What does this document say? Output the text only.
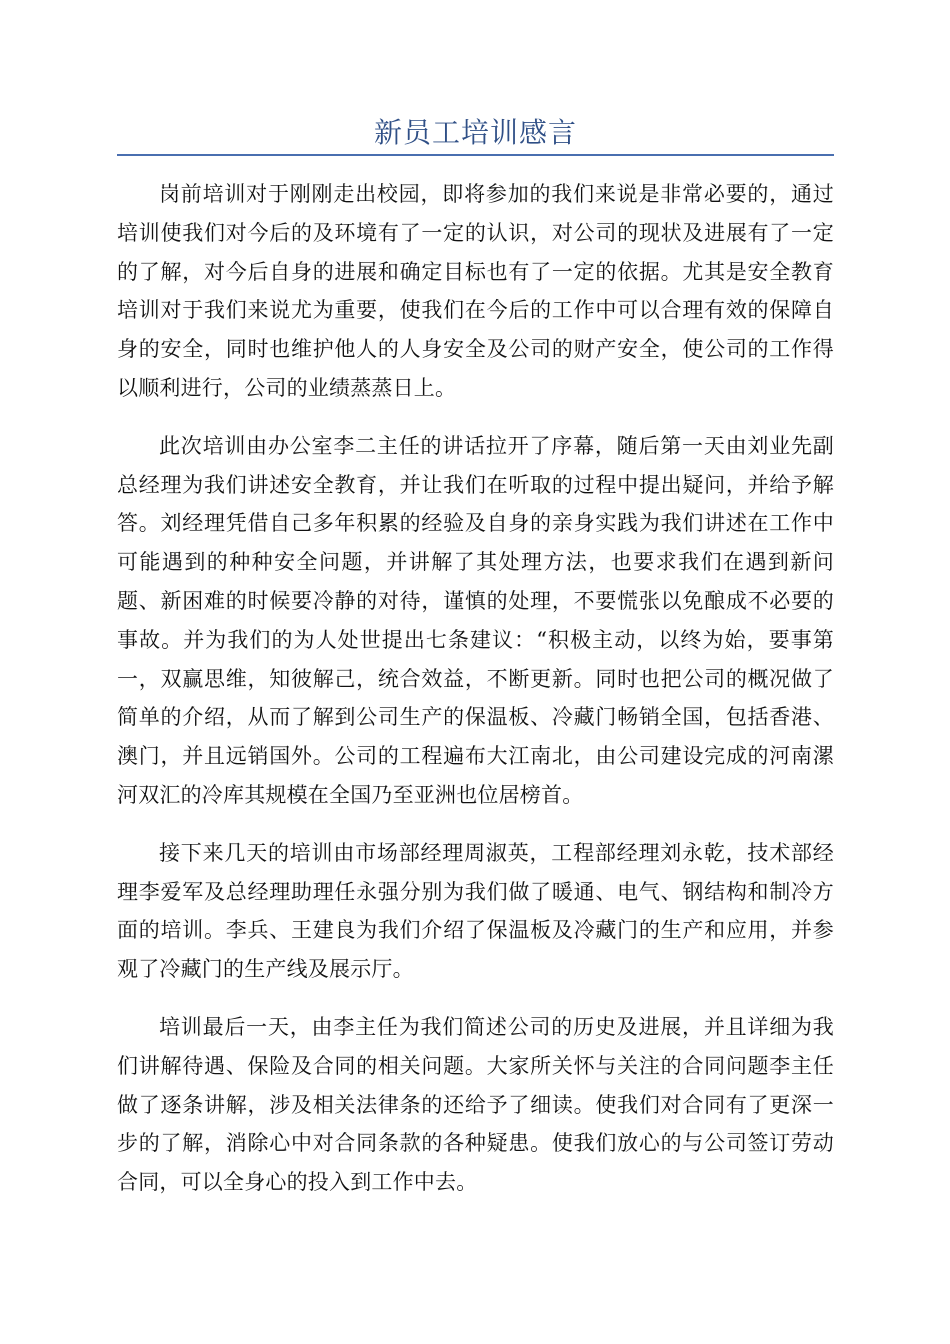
新员工培训感言

岗前培训对于刚刚走出校园，即将参加的我们来说是非常必要的，通过培训使我们对今后的及环境有了一定的认识，对公司的现状及进展有了一定的了解，对今后自身的进展和确定目标也有了一定的依据。尤其是安全教育培训对于我们来说尤为重要，使我们在今后的工作中可以合理有效的保障自身的安全，同时也维护他人的人身安全及公司的财产安全，使公司的工作得以顺利进行，公司的业绩蒸蒸日上。

此次培训由办公室李二主任的讲话拉开了序幕，随后第一天由刘业先副总经理为我们讲述安全教育，并让我们在听取的过程中提出疑问，并给予解答。刘经理凭借自己多年积累的经验及自身的亲身实践为我们讲述在工作中可能遇到的种种安全问题，并讲解了其处理方法，也要求我们在遇到新问题、新困难的时候要冷静的对待，谨慎的处理，不要慌张以免酿成不必要的事故。并为我们的为人处世提出七条建议：“积极主动，以终为始，要事第一，双赢思维，知彼解己，统合效益，不断更新。同时也把公司的概况做了简单的介绍，从而了解到公司生产的保温板、冷藏门畅销全国，包括香港、澳门，并且远销国外。公司的工程遍布大江南北，由公司建设完成的河南漯河双汇的冷库其规模在全国乃至亚洲也位居榜首。

接下来几天的培训由市场部经理周淑英，工程部经理刘永乾，技术部经理李爱军及总经理助理任永强分别为我们做了暖通、电气、钢结构和制冷方面的培训。李兵、王建良为我们介绍了保温板及冷藏门的生产和应用，并参观了冷藏门的生产线及展示厅。

培训最后一天，由李主任为我们简述公司的历史及进展，并且详细为我们讲解待遇、保险及合同的相关问题。大家所关怀与关注的合同问题李主任做了逐条讲解，涉及相关法律条的还给予了细读。使我们对合同有了更深一步的了解，消除心中对合同条款的各种疑患。使我们放心的与公司签订劳动合同，可以全身心的投入到工作中去。
